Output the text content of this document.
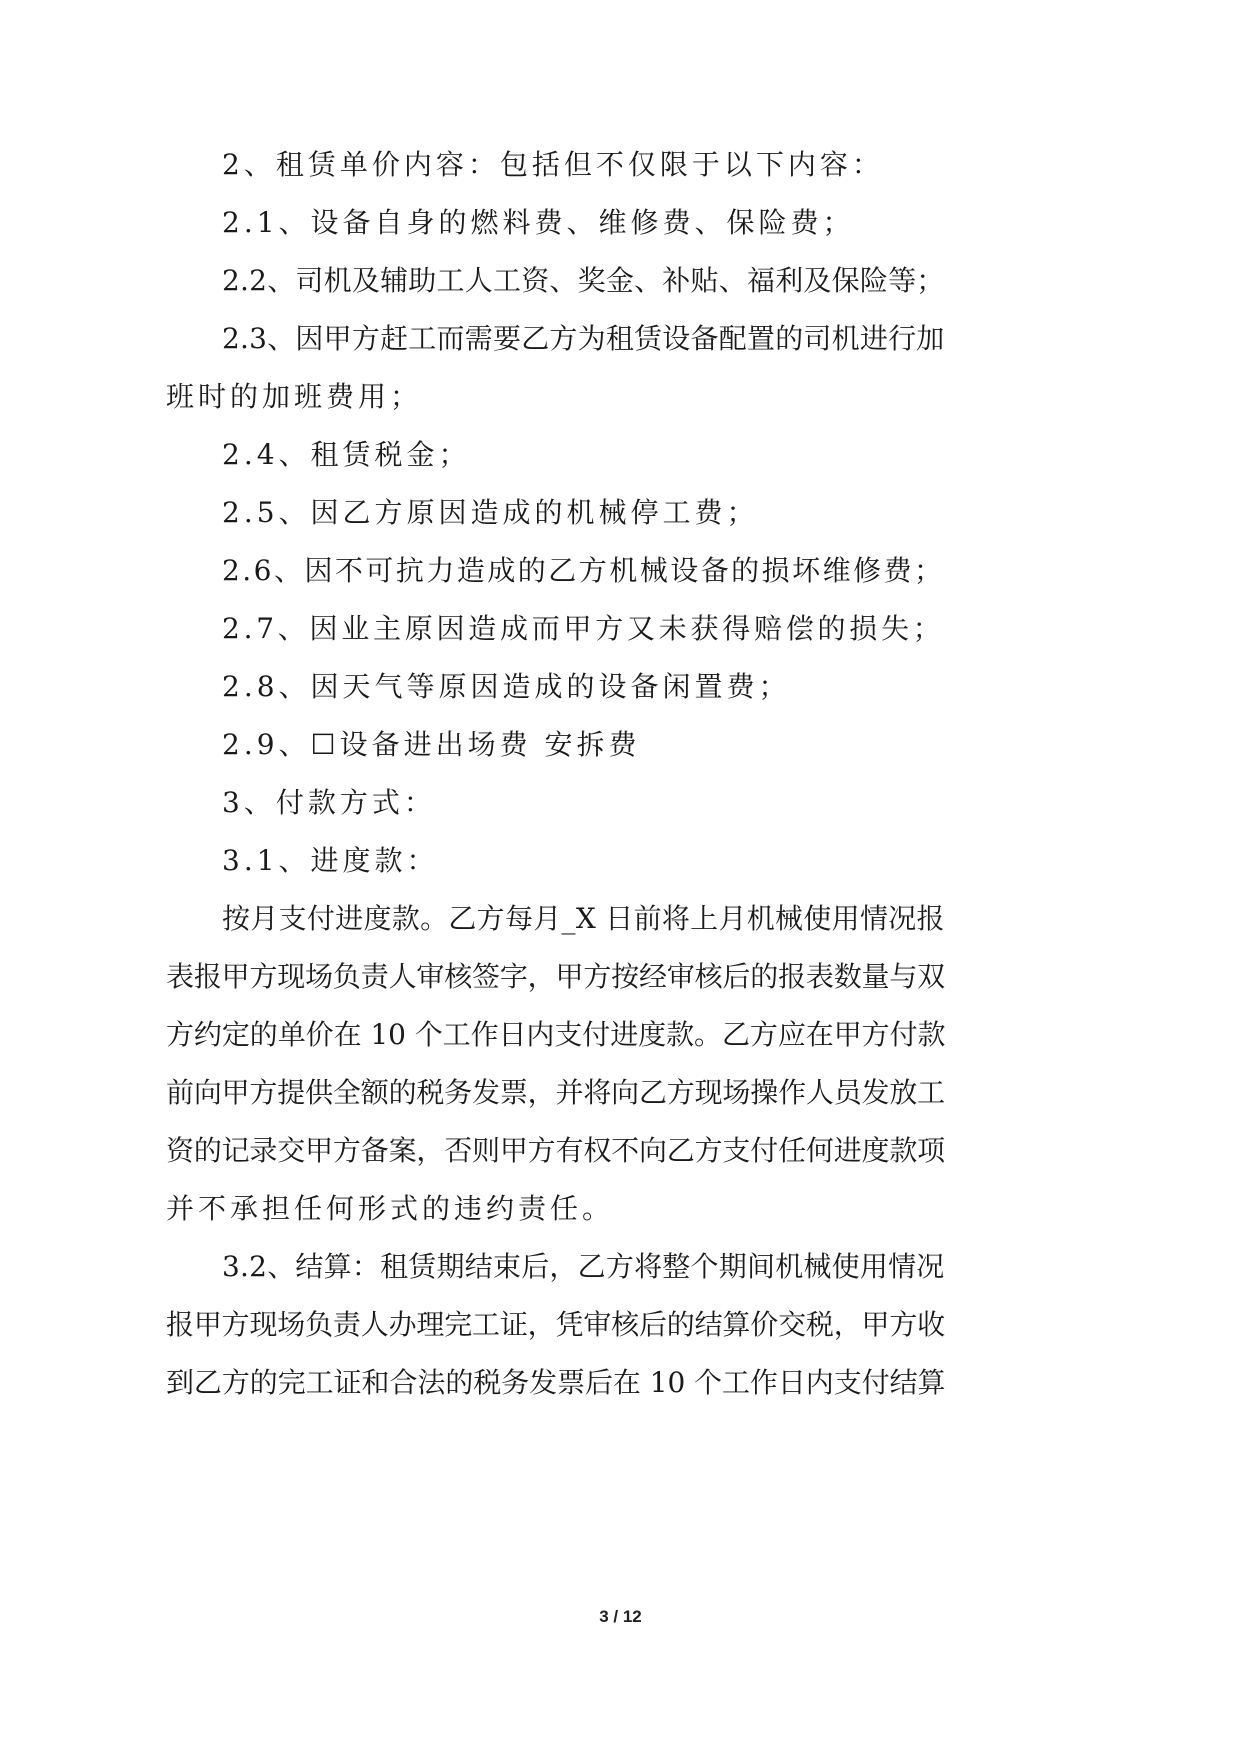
2、租赁单价内容：包括但不仅限于以下内容：
2.1、设备自身的燃料费、维修费、保险费；
2.2、司机及辅助工人工资、奖金、补贴、福利及保险等；
2.3、因甲方赶工而需要乙方为租赁设备配置的司机进行加
班时的加班费用；
2.4、租赁税金；
2.5、因乙方原因造成的机械停工费；
2.6、因不可抗力造成的乙方机械设备的损坏维修费；
2.7、因业主原因造成而甲方又未获得赔偿的损失；
2.8、因天气等原因造成的设备闲置费；
2.9、☐设备进出场费 安拆费
3、付款方式：
3.1、进度款：
按月支付进度款。乙方每月_X 日前将上月机械使用情况报
表报甲方现场负责人审核签字，甲方按经审核后的报表数量与双
方约定的单价在 10 个工作日内支付进度款。乙方应在甲方付款
前向甲方提供全额的税务发票，并将向乙方现场操作人员发放工
资的记录交甲方备案，否则甲方有权不向乙方支付任何进度款项
并不承担任何形式的违约责任。
3.2、结算：租赁期结束后，乙方将整个期间机械使用情况
报甲方现场负责人办理完工证，凭审核后的结算价交税，甲方收
到乙方的完工证和合法的税务发票后在 10 个工作日内支付结算
3 / 12
